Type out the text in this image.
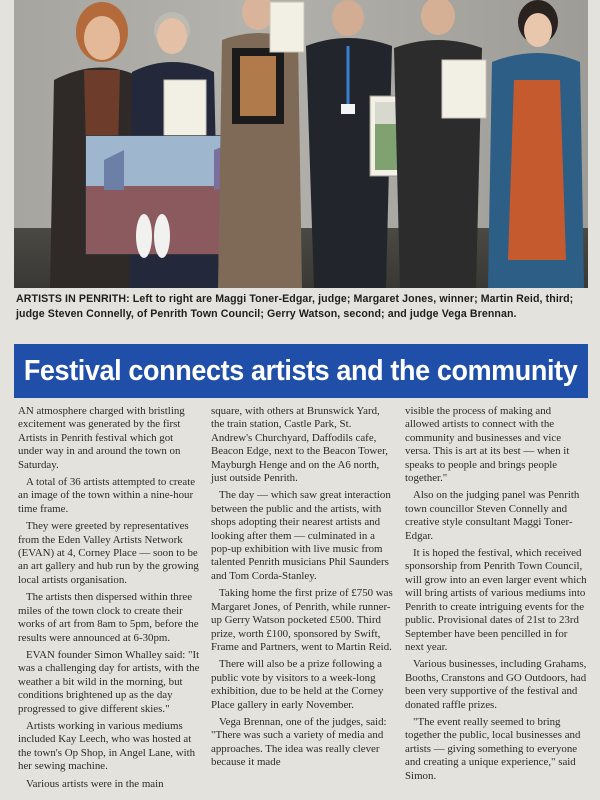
ARTISTS IN PENRITH: Left to right are Maggi Toner-Edgar, judge; Margaret Jones, winner; Martin Reid, third; judge Steven Connelly, of Penrith Town Council; Gerry Watson, second; and judge Vega Brennan.
Festival connects artists and the community

AN atmosphere charged with bristling excitement was generated by the first Artists in Penrith festival which got under way in and around the town on Saturday.

A total of 36 artists attempted to create an image of the town within a nine-hour time frame.

They were greeted by representatives from the Eden Valley Artists Network (EVAN) at 4, Corney Place — soon to be an art gallery and hub run by the growing local artists organisation.

The artists then dispersed within three miles of the town clock to create their works of art from 8am to 5pm, before the results were announced at 6-30pm.

EVAN founder Simon Whalley said: "It was a challenging day for artists, with the weather a bit wild in the morning, but conditions brightened up as the day progressed to give different skies."

Artists working in various mediums included Kay Leech, who was hosted at the town's Op Shop, in Angel Lane, with her sewing machine.

Various artists were in the main

square, with others at Brunswick Yard, the train station, Castle Park, St. Andrew's Churchyard, Daffodils cafe, Beacon Edge, next to the Beacon Tower, Mayburgh Henge and on the A6 north, just outside Penrith.

The day — which saw great interaction between the public and the artists, with shops adopting their nearest artists and looking after them — culminated in a pop-up exhibition with live music from talented Penrith musicians Phil Saunders and Tom Corda-Stanley.

Taking home the first prize of £750 was Margaret Jones, of Penrith, while runner-up Gerry Watson pocketed £500. Third prize, worth £100, sponsored by Swift, Frame and Partners, went to Martin Reid.

There will also be a prize following a public vote by visitors to a week-long exhibition, due to be held at the Corney Place gallery in early November.

Vega Brennan, one of the judges, said: "There was such a variety of media and approaches. The idea was really clever because it made

visible the process of making and allowed artists to connect with the community and businesses and vice versa. This is art at its best — when it speaks to people and brings people together."

Also on the judging panel was Penrith town councillor Steven Connelly and creative style consultant Maggi Toner-Edgar.

It is hoped the festival, which received sponsorship from Penrith Town Council, will grow into an even larger event which will bring artists of various mediums into Penrith to create intriguing events for the public. Provisional dates of 21st to 23rd September have been pencilled in for next year.

Various businesses, including Grahams, Booths, Cranstons and GO Outdoors, had been very supportive of the festival and donated raffle prizes.

"The event really seemed to bring together the public, local businesses and artists — giving something to everyone and creating a unique experience," said Simon.
